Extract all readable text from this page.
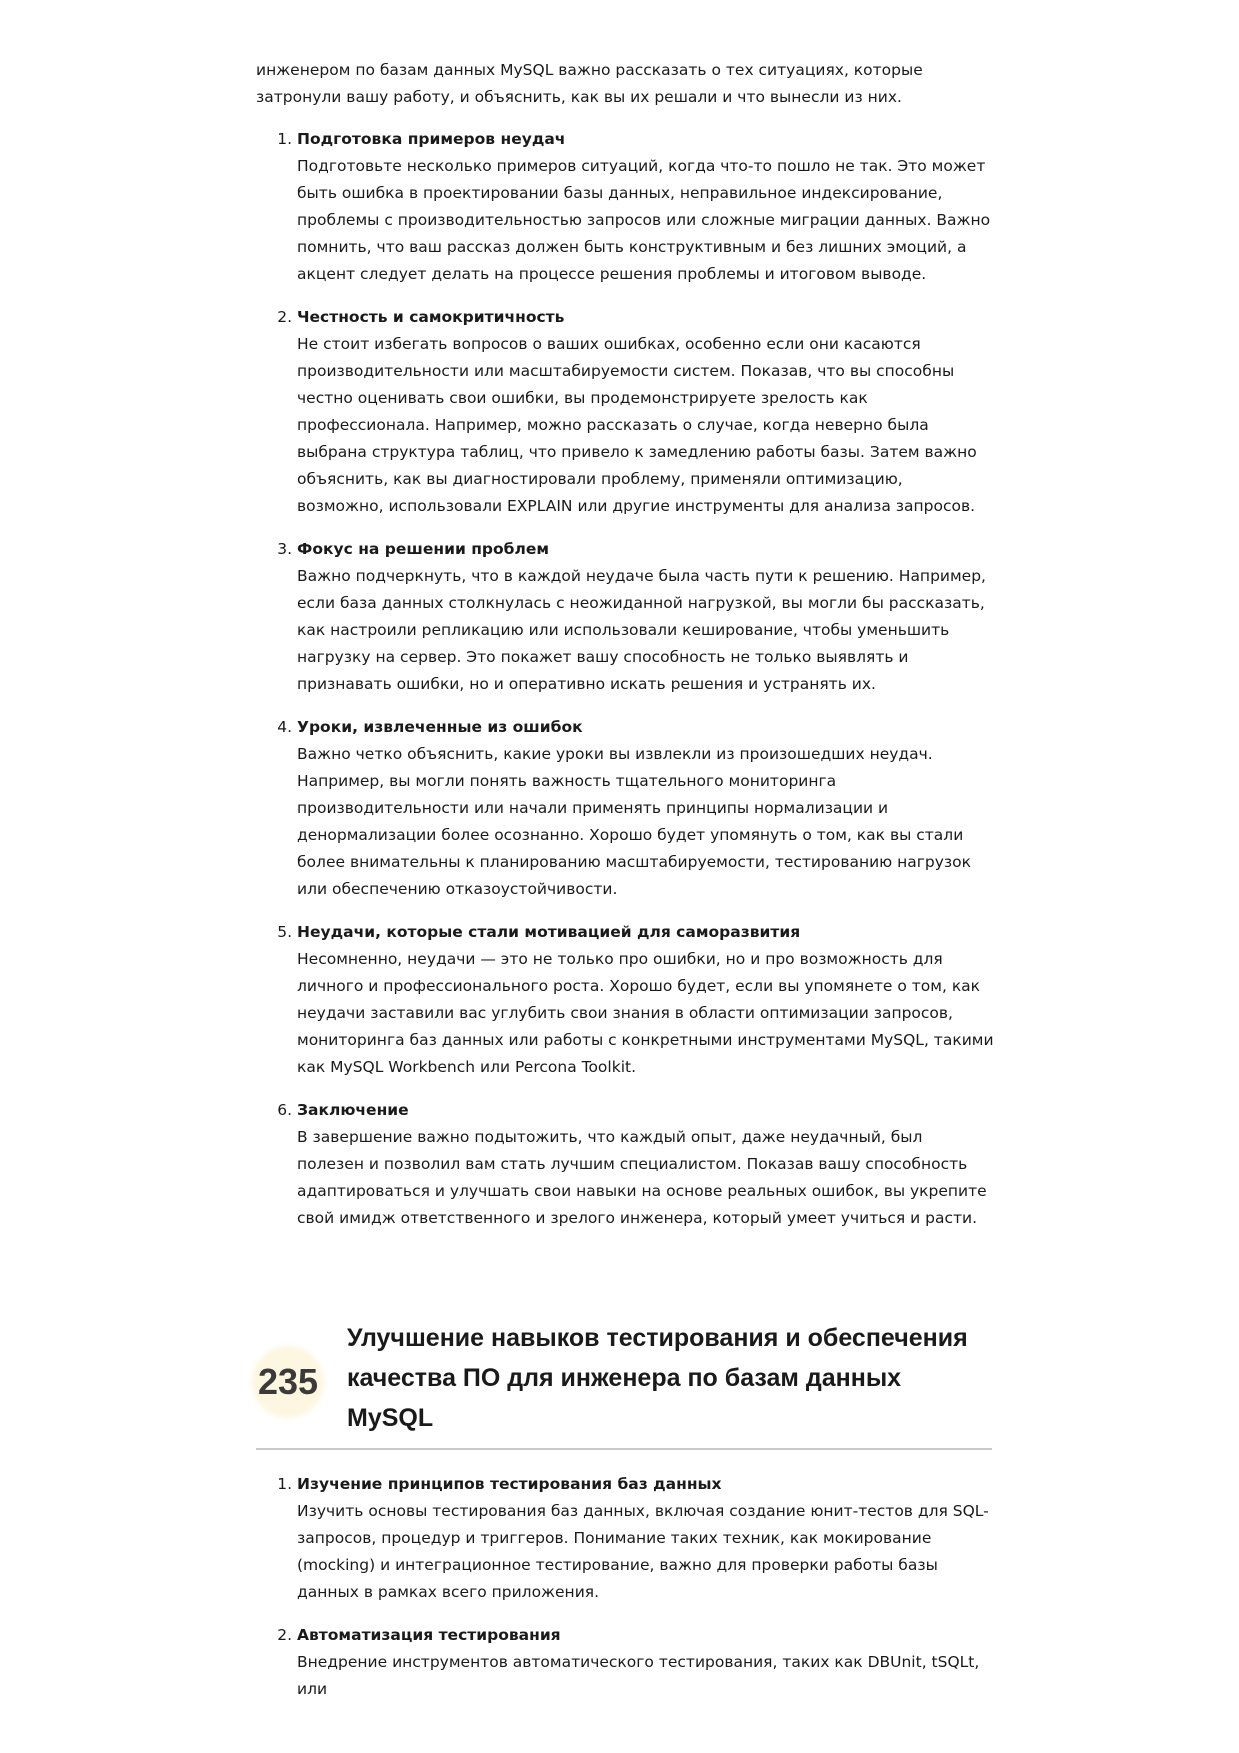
инженером по базам данных MySQL важно рассказать о тех ситуациях, которые затронули вашу работу, и объяснить, как вы их решали и что вынесли из них.

1. Подготовка примеров неудач
Подготовьте несколько примеров ситуаций, когда что-то пошло не так. Это может быть ошибка в проектировании базы данных, неправильное индексирование, проблемы с производительностью запросов или сложные миграции данных. Важно помнить, что ваш рассказ должен быть конструктивным и без лишних эмоций, а акцент следует делать на процессе решения проблемы и итоговом выводе.
2. Честность и самокритичность
Не стоит избегать вопросов о ваших ошибках, особенно если они касаются производительности или масштабируемости систем. Показав, что вы способны честно оценивать свои ошибки, вы продемонстрируете зрелость как профессионала. Например, можно рассказать о случае, когда неверно была выбрана структура таблиц, что привело к замедлению работы базы. Затем важно объяснить, как вы диагностировали проблему, применяли оптимизацию, возможно, использовали EXPLAIN или другие инструменты для анализа запросов.
3. Фокус на решении проблем
Важно подчеркнуть, что в каждой неудаче была часть пути к решению. Например, если база данных столкнулась с неожиданной нагрузкой, вы могли бы рассказать, как настроили репликацию или использовали кеширование, чтобы уменьшить нагрузку на сервер. Это покажет вашу способность не только выявлять и признавать ошибки, но и оперативно искать решения и устранять их.
4. Уроки, извлеченные из ошибок
Важно четко объяснить, какие уроки вы извлекли из произошедших неудач. Например, вы могли понять важность тщательного мониторинга производительности или начали применять принципы нормализации и денормализации более осознанно. Хорошо будет упомянуть о том, как вы стали более внимательны к планированию масштабируемости, тестированию нагрузок или обеспечению отказоустойчивости.
5. Неудачи, которые стали мотивацией для саморазвития
Несомненно, неудачи — это не только про ошибки, но и про возможность для личного и профессионального роста. Хорошо будет, если вы упомянете о том, как неудачи заставили вас углубить свои знания в области оптимизации запросов, мониторинга баз данных или работы с конкретными инструментами MySQL, такими как MySQL Workbench или Percona Toolkit.
6. Заключение
В завершение важно подытожить, что каждый опыт, даже неудачный, был полезен и позволил вам стать лучшим специалистом. Показав вашу способность адаптироваться и улучшать свои навыки на основе реальных ошибок, вы укрепите свой имидж ответственного и зрелого инженера, который умеет учиться и расти.
235
Улучшение навыков тестирования и обеспечения качества ПО для инженера по базам данных MySQL
1. Изучение принципов тестирования баз данных
Изучить основы тестирования баз данных, включая создание юнит-тестов для SQL-запросов, процедур и триггеров. Понимание таких техник, как мокирование (mocking) и интеграционное тестирование, важно для проверки работы базы данных в рамках всего приложения.
2. Автоматизация тестирования
Внедрение инструментов автоматического тестирования, таких как DBUnit, tSQLt, или
